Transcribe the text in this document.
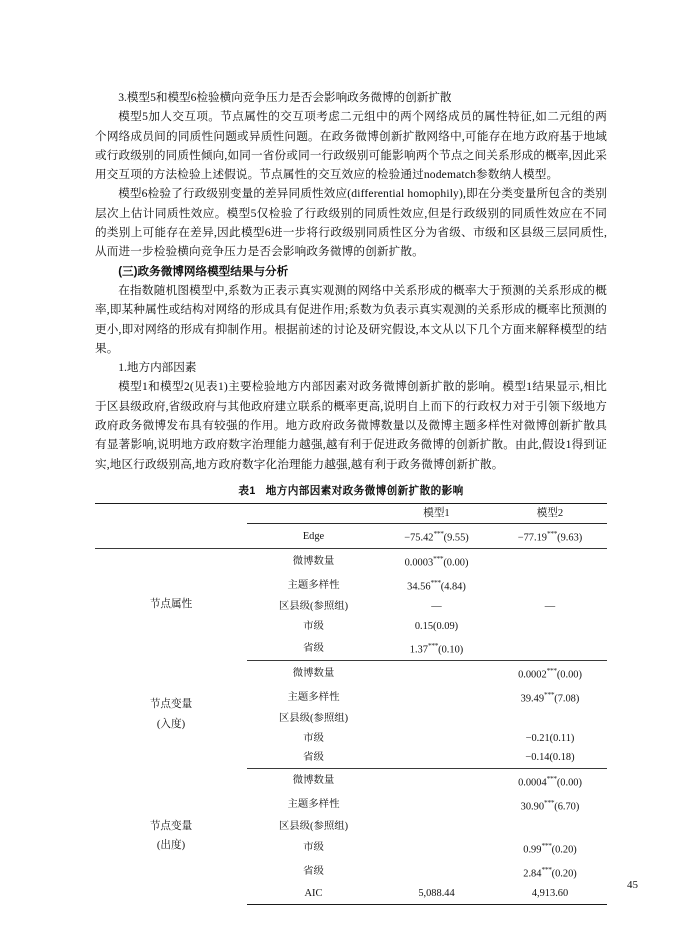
3.模型5和模型6检验横向竞争压力是否会影响政务微博的创新扩散

模型5加人交互项。节点属性的交互项考虑二元组中的两个网络成员的属性特征,如二元组的两个网络成员间的同质性问题或异质性问题。在政务微博创新扩散网络中,可能存在地方政府基于地域或行政级别的同质性倾向,如同一省份或同一行政级别可能影响两个节点之间关系形成的概率,因此采用交互项的方法检验上述假说。节点属性的交互效应的检验通过nodematch参数纳人模型。

模型6检验了行政级别变量的差异同质性效应(differential homophily),即在分类变量所包含的类别层次上估计同质性效应。模型5仅检验了行政级别的同质性效应,但是行政级别的同质性效应在不同的类别上可能存在差异,因此模型6进一步将行政级别同质性区分为省级、市级和区县级三层同质性,从而进一步检验横向竞争压力是否会影响政务微博的创新扩散。

(三)政务微博网络模型结果与分析

在指数随机图模型中,系数为正表示真实观测的网络中关系形成的概率大于预测的关系形成的概率,即某种属性或结构对网络的形成具有促进作用;系数为负表示真实观测的关系形成的概率比预测的更小,即对网络的形成有抑制作用。根据前述的讨论及研究假设,本文从以下几个方面来解释模型的结果。

1.地方内部因素

模型1和模型2(见表1)主要检验地方内部因素对政务微博创新扩散的影响。模型1结果显示,相比于区县级政府,省级政府与其他政府建立联系的概率更高,说明自上而下的行政权力对于引领下级地方政府政务微博发布具有较强的作用。地方政府政务微博数量以及微博主题多样性对微博创新扩散具有显著影响,说明地方政府数字治理能力越强,越有利于促进政务微博的创新扩散。由此,假设1得到证实,地区行政级别高,地方政府数字化治理能力越强,越有利于政务微博创新扩散。

表1 地方内部因素对政务微博创新扩散的影响
		模型1	模型2
	Edge	−75.42***(9.55)	−77.19***(9.63)
节点属性	微博数量	0.0003***(0.00)	
	主题多样性	34.56***(4.84)	
	区县级(参照组)	—	—
	市级	0.15(0.09)	
	省级	1.37***(0.10)	
节点变量
(入度)	微博数量		0.0002***(0.00)
	主题多样性		39.49***(7.08)
	区县级(参照组)		
	市级		−0.21(0.11)
	省级		−0.14(0.18)
节点变量
(出度)	微博数量		0.0004***(0.00)
	主题多样性		30.90***(6.70)
	区县级(参照组)		
	市级		0.99***(0.20)
	省级		2.84***(0.20)
	AIC	5,088.44	4,913.60
45
